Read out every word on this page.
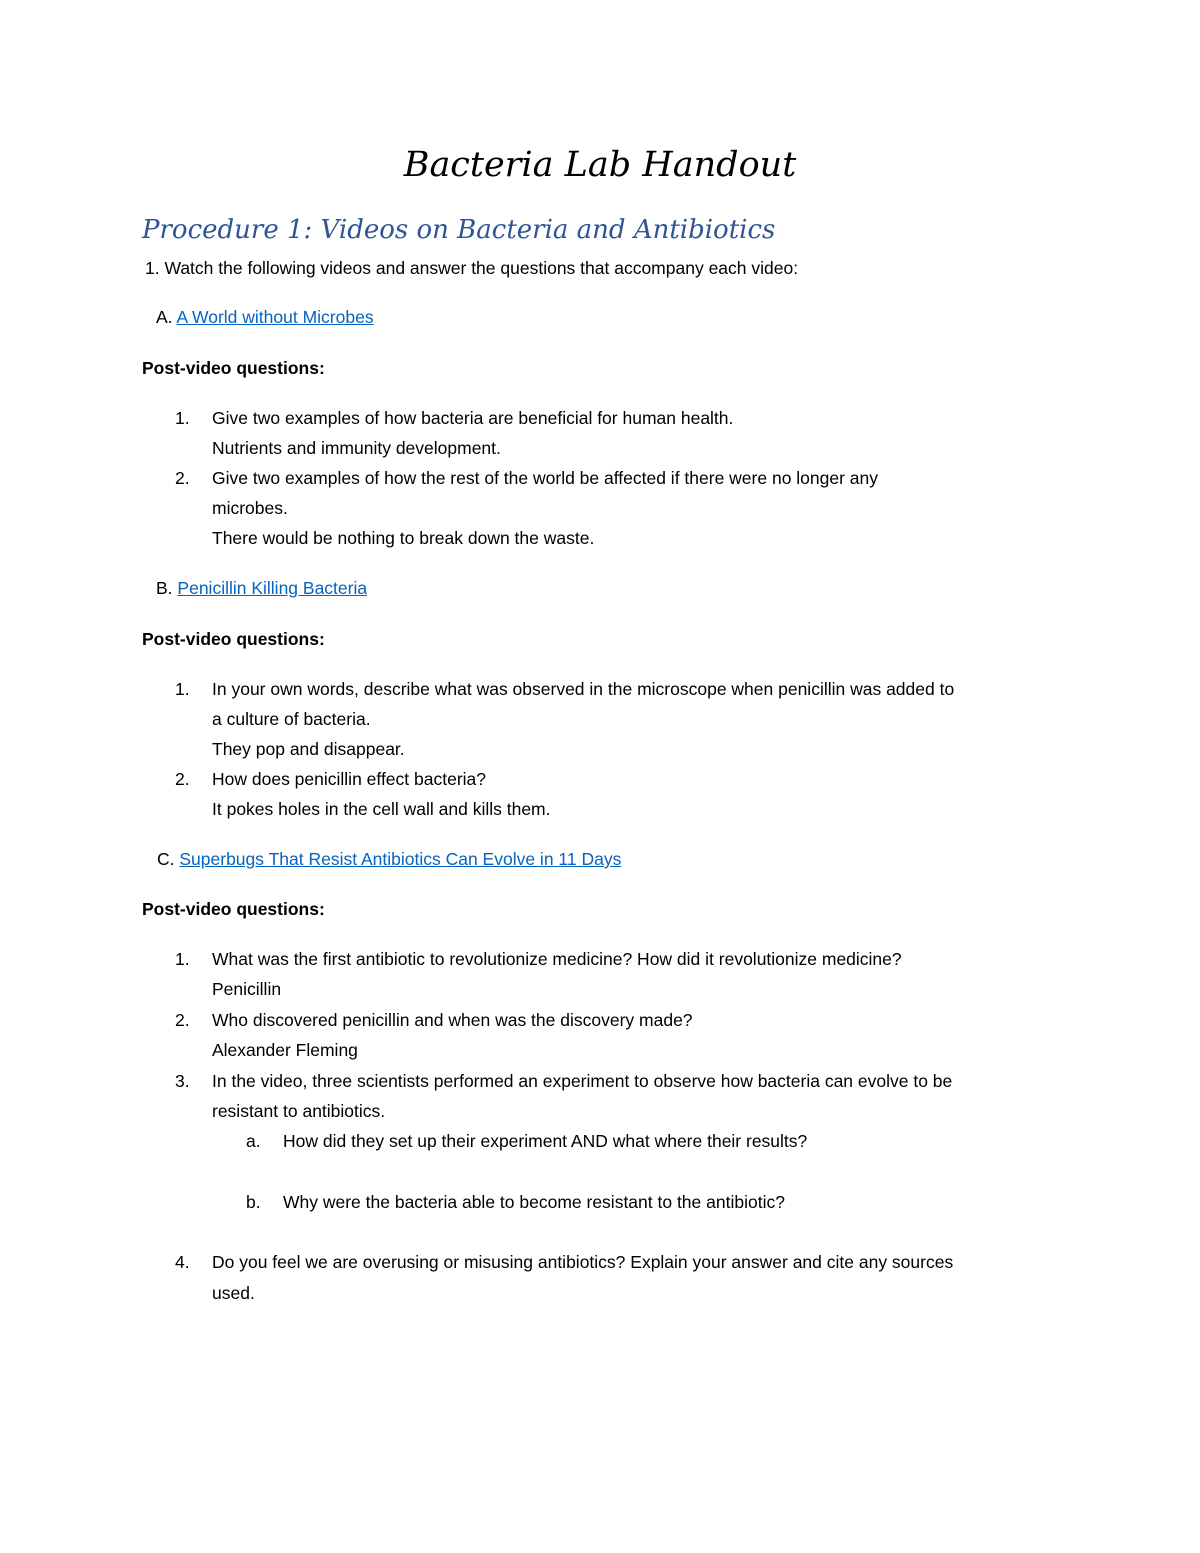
Bacteria Lab Handout
Procedure 1: Videos on Bacteria and Antibiotics

1. Watch the following videos and answer the questions that accompany each video:

A. A World without Microbes

Post-video questions:

1. Give two examples of how bacteria are beneficial for human health.

Nutrients and immunity development.

2. Give two examples of how the rest of the world be affected if there were no longer any

microbes.

There would be nothing to break down the waste.

B. Penicillin Killing Bacteria

Post-video questions:

1. In your own words, describe what was observed in the microscope when penicillin was added to

a culture of bacteria.

They pop and disappear.

2. How does penicillin effect bacteria?

It pokes holes in the cell wall and kills them.

C. Superbugs That Resist Antibiotics Can Evolve in 11 Days

Post-video questions:

1. What was the first antibiotic to revolutionize medicine? How did it revolutionize medicine?

Penicillin

2. Who discovered penicillin and when was the discovery made?

Alexander Fleming

3. In the video, three scientists performed an experiment to observe how bacteria can evolve to be

resistant to antibiotics.

a. How did they set up their experiment AND what where their results?

b. Why were the bacteria able to become resistant to the antibiotic?

4. Do you feel we are overusing or misusing antibiotics? Explain your answer and cite any sources

used.
